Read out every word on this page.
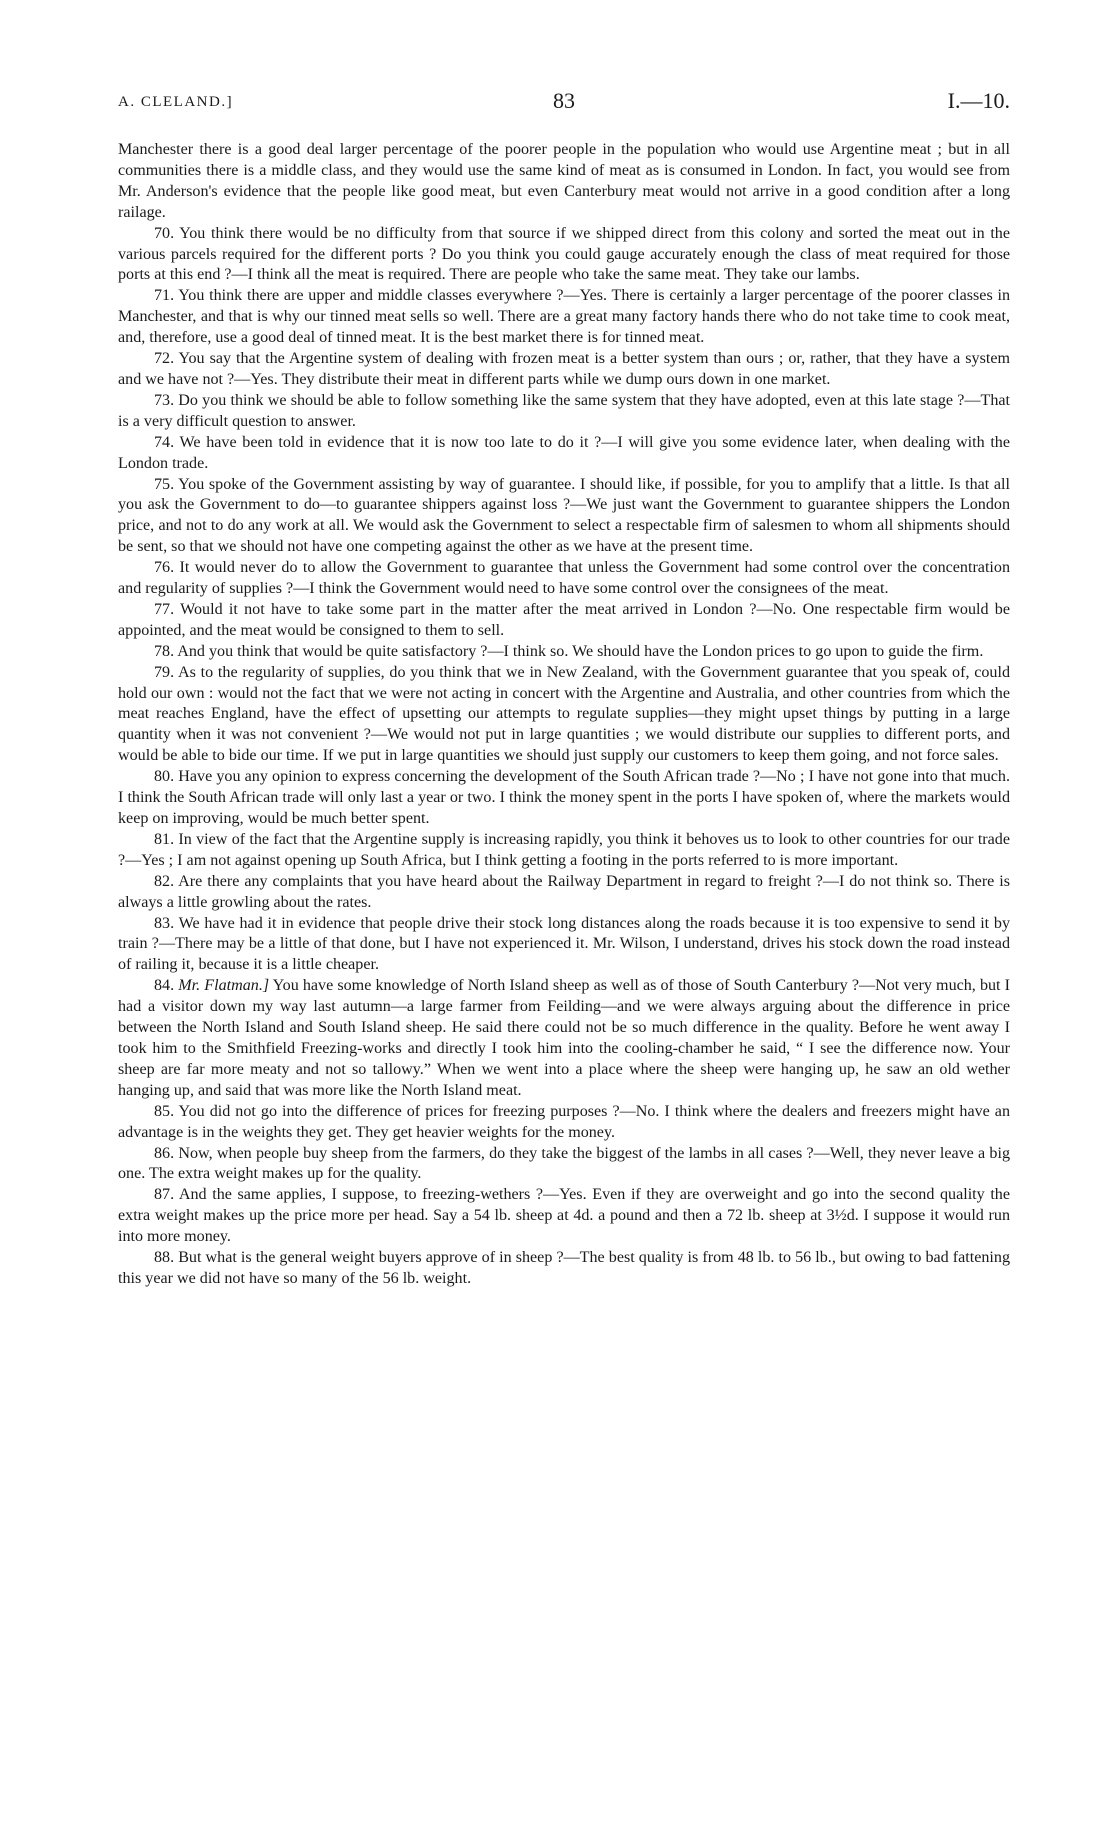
A. CLELAND.]	83	I.—10.

Manchester there is a good deal larger percentage of the poorer people in the population who would use Argentine meat ; but in all communities there is a middle class, and they would use the same kind of meat as is consumed in London. In fact, you would see from Mr. Anderson's evidence that the people like good meat, but even Canterbury meat would not arrive in a good condition after a long railage.

70. You think there would be no difficulty from that source if we shipped direct from this colony and sorted the meat out in the various parcels required for the different ports ? Do you think you could gauge accurately enough the class of meat required for those ports at this end ?—I think all the meat is required. There are people who take the same meat. They take our lambs.

71. You think there are upper and middle classes everywhere ?—Yes. There is certainly a larger percentage of the poorer classes in Manchester, and that is why our tinned meat sells so well. There are a great many factory hands there who do not take time to cook meat, and, therefore, use a good deal of tinned meat. It is the best market there is for tinned meat.

72. You say that the Argentine system of dealing with frozen meat is a better system than ours ; or, rather, that they have a system and we have not ?—Yes. They distribute their meat in different parts while we dump ours down in one market.

73. Do you think we should be able to follow something like the same system that they have adopted, even at this late stage ?—That is a very difficult question to answer.

74. We have been told in evidence that it is now too late to do it ?—I will give you some evidence later, when dealing with the London trade.

75. You spoke of the Government assisting by way of guarantee. I should like, if possible, for you to amplify that a little. Is that all you ask the Government to do—to guarantee shippers against loss ?—We just want the Government to guarantee shippers the London price, and not to do any work at all. We would ask the Government to select a respectable firm of salesmen to whom all shipments should be sent, so that we should not have one competing against the other as we have at the present time.

76. It would never do to allow the Government to guarantee that unless the Government had some control over the concentration and regularity of supplies ?—I think the Government would need to have some control over the consignees of the meat.

77. Would it not have to take some part in the matter after the meat arrived in London ?—No. One respectable firm would be appointed, and the meat would be consigned to them to sell.

78. And you think that would be quite satisfactory ?—I think so. We should have the London prices to go upon to guide the firm.

79. As to the regularity of supplies, do you think that we in New Zealand, with the Government guarantee that you speak of, could hold our own : would not the fact that we were not acting in concert with the Argentine and Australia, and other countries from which the meat reaches England, have the effect of upsetting our attempts to regulate supplies—they might upset things by putting in a large quantity when it was not convenient ?—We would not put in large quantities ; we would distribute our supplies to different ports, and would be able to bide our time. If we put in large quantities we should just supply our customers to keep them going, and not force sales.

80. Have you any opinion to express concerning the development of the South African trade ?—No ; I have not gone into that much. I think the South African trade will only last a year or two. I think the money spent in the ports I have spoken of, where the markets would keep on improving, would be much better spent.

81. In view of the fact that the Argentine supply is increasing rapidly, you think it behoves us to look to other countries for our trade ?—Yes ; I am not against opening up South Africa, but I think getting a footing in the ports referred to is more important.

82. Are there any complaints that you have heard about the Railway Department in regard to freight ?—I do not think so. There is always a little growling about the rates.

83. We have had it in evidence that people drive their stock long distances along the roads because it is too expensive to send it by train ?—There may be a little of that done, but I have not experienced it. Mr. Wilson, I understand, drives his stock down the road instead of railing it, because it is a little cheaper.

84. Mr. Flatman.] You have some knowledge of North Island sheep as well as of those of South Canterbury ?—Not very much, but I had a visitor down my way last autumn—a large farmer from Feilding—and we were always arguing about the difference in price between the North Island and South Island sheep. He said there could not be so much difference in the quality. Before he went away I took him to the Smithfield Freezing-works and directly I took him into the cooling-chamber he said, “ I see the difference now. Your sheep are far more meaty and not so tallowy.” When we went into a place where the sheep were hanging up, he saw an old wether hanging up, and said that was more like the North Island meat.

85. You did not go into the difference of prices for freezing purposes ?—No. I think where the dealers and freezers might have an advantage is in the weights they get. They get heavier weights for the money.

86. Now, when people buy sheep from the farmers, do they take the biggest of the lambs in all cases ?—Well, they never leave a big one. The extra weight makes up for the quality.

87. And the same applies, I suppose, to freezing-wethers ?—Yes. Even if they are overweight and go into the second quality the extra weight makes up the price more per head. Say a 54 lb. sheep at 4d. a pound and then a 72 lb. sheep at 3½d. I suppose it would run into more money.

88. But what is the general weight buyers approve of in sheep ?—The best quality is from 48 lb. to 56 lb., but owing to bad fattening this year we did not have so many of the 56 lb. weight.
